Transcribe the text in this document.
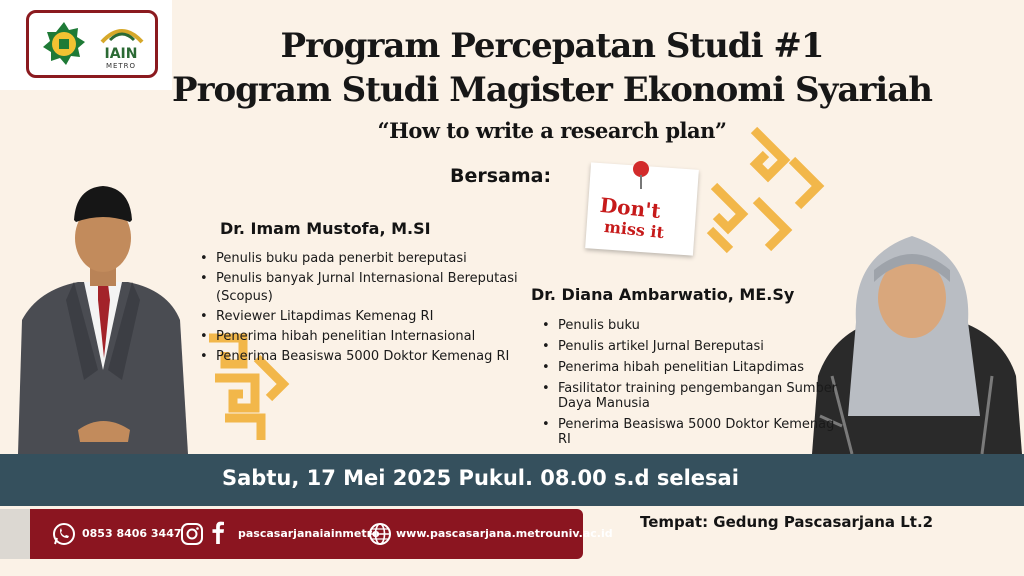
IAIN
METRO	Program Percepatan Studi #1
Program Studi Magister Ekonomi Syariah
“How to write a research plan”
Bersama:
Don't
miss it
Dr. Imam Mustofa, M.SI
• Penulis buku pada penerbit bereputasi
• Penulis banyak Jurnal Internasional Bereputasi (Scopus)
• Reviewer Litapdimas Kemenag RI
• Penerima hibah penelitian Internasional
• Penerima Beasiswa 5000 Doktor Kemenag RI
Dr. Diana Ambarwatio, ME.Sy
• Penulis buku
• Penulis artikel Jurnal Bereputasi
• Penerima hibah penelitian Litapdimas
• Fasilitator training pengembangan Sumber Daya Manusia
• Penerima Beasiswa 5000 Doktor Kemenag RI
Sabtu, 17 Mei 2025 Pukul. 08.00 s.d selesai
0853 8406 3447	pascasarjanaiainmetro www.pascasarjana.metrouniv.ac.id
Tempat: Gedung Pascasarjana Lt.2
